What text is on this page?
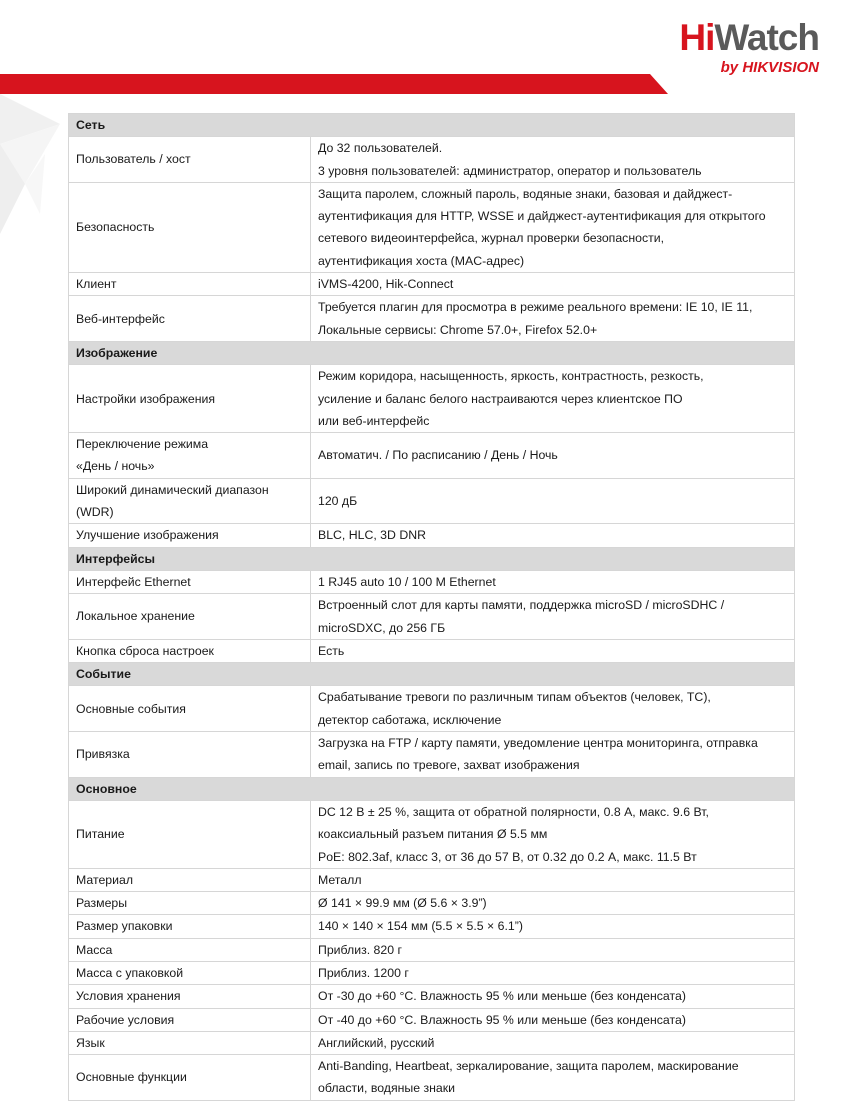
HiWatch
by HIKVISION
Сеть	

Пользователь / хост	До 32 пользователей.
3 уровня пользователей: администратор, оператор и пользователь

Безопасность	Защита паролем, сложный пароль, водяные знаки, базовая и дайджест-
аутентификация для HTTP, WSSE и дайджест-аутентификация для открытого
сетевого видеоинтерфейса, журнал проверки безопасности,
аутентификация хоста (MAC-адрес)

Клиент	iVMS-4200, Hik-Connect

Веб-интерфейс	Требуется плагин для просмотра в режиме реального времени: IE 10, IE 11,
Локальные сервисы: Chrome 57.0+, Firefox 52.0+

Изображение	

Настройки изображения	Режим коридора, насыщенность, яркость, контрастность, резкость,
усиление и баланс белого настраиваются через клиентское ПО
или веб-интерфейс

Переключение режима
«День / ночь»	Автоматич. / По расписанию / День / Ночь

Широкий динамический диапазон
(WDR)	120 дБ

Улучшение изображения	BLC, HLC, 3D DNR

Интерфейсы	

Интерфейс Ethernet	1 RJ45 auto 10 / 100 M Ethernet

Локальное хранение	Встроенный слот для карты памяти, поддержка microSD / microSDHC /
microSDXC, до 256 ГБ

Кнопка сброса настроек	Есть

Событие	

Основные события	Срабатывание тревоги по различным типам объектов (человек, ТС),
детектор саботажа, исключение

Привязка	Загрузка на FTP / карту памяти, уведомление центра мониторинга, отправка
email, запись по тревоге, захват изображения

Основное	

Питание	DC 12 В ± 25 %, защита от обратной полярности, 0.8 А, макс. 9.6 Вт,
коаксиальный разъем питания Ø 5.5 мм
PoE: 802.3af, класс 3, от 36 до 57 В, от 0.32 до 0.2 А, макс. 11.5 Вт

Материал	Металл

Размеры	Ø 141 × 99.9 мм (Ø 5.6 × 3.9”)

Размер упаковки	140 × 140 × 154 мм (5.5 × 5.5 × 6.1”)

Масса	Приблиз. 820 г

Масса с упаковкой	Приблиз. 1200 г

Условия хранения	От -30 до +60 °C. Влажность 95 % или меньше (без конденсата)

Рабочие условия	От -40 до +60 °C. Влажность 95 % или меньше (без конденсата)

Язык	Английский, русский

Основные функции	Anti-Banding, Heartbeat, зеркалирование, защита паролем, маскирование
области, водяные знаки
